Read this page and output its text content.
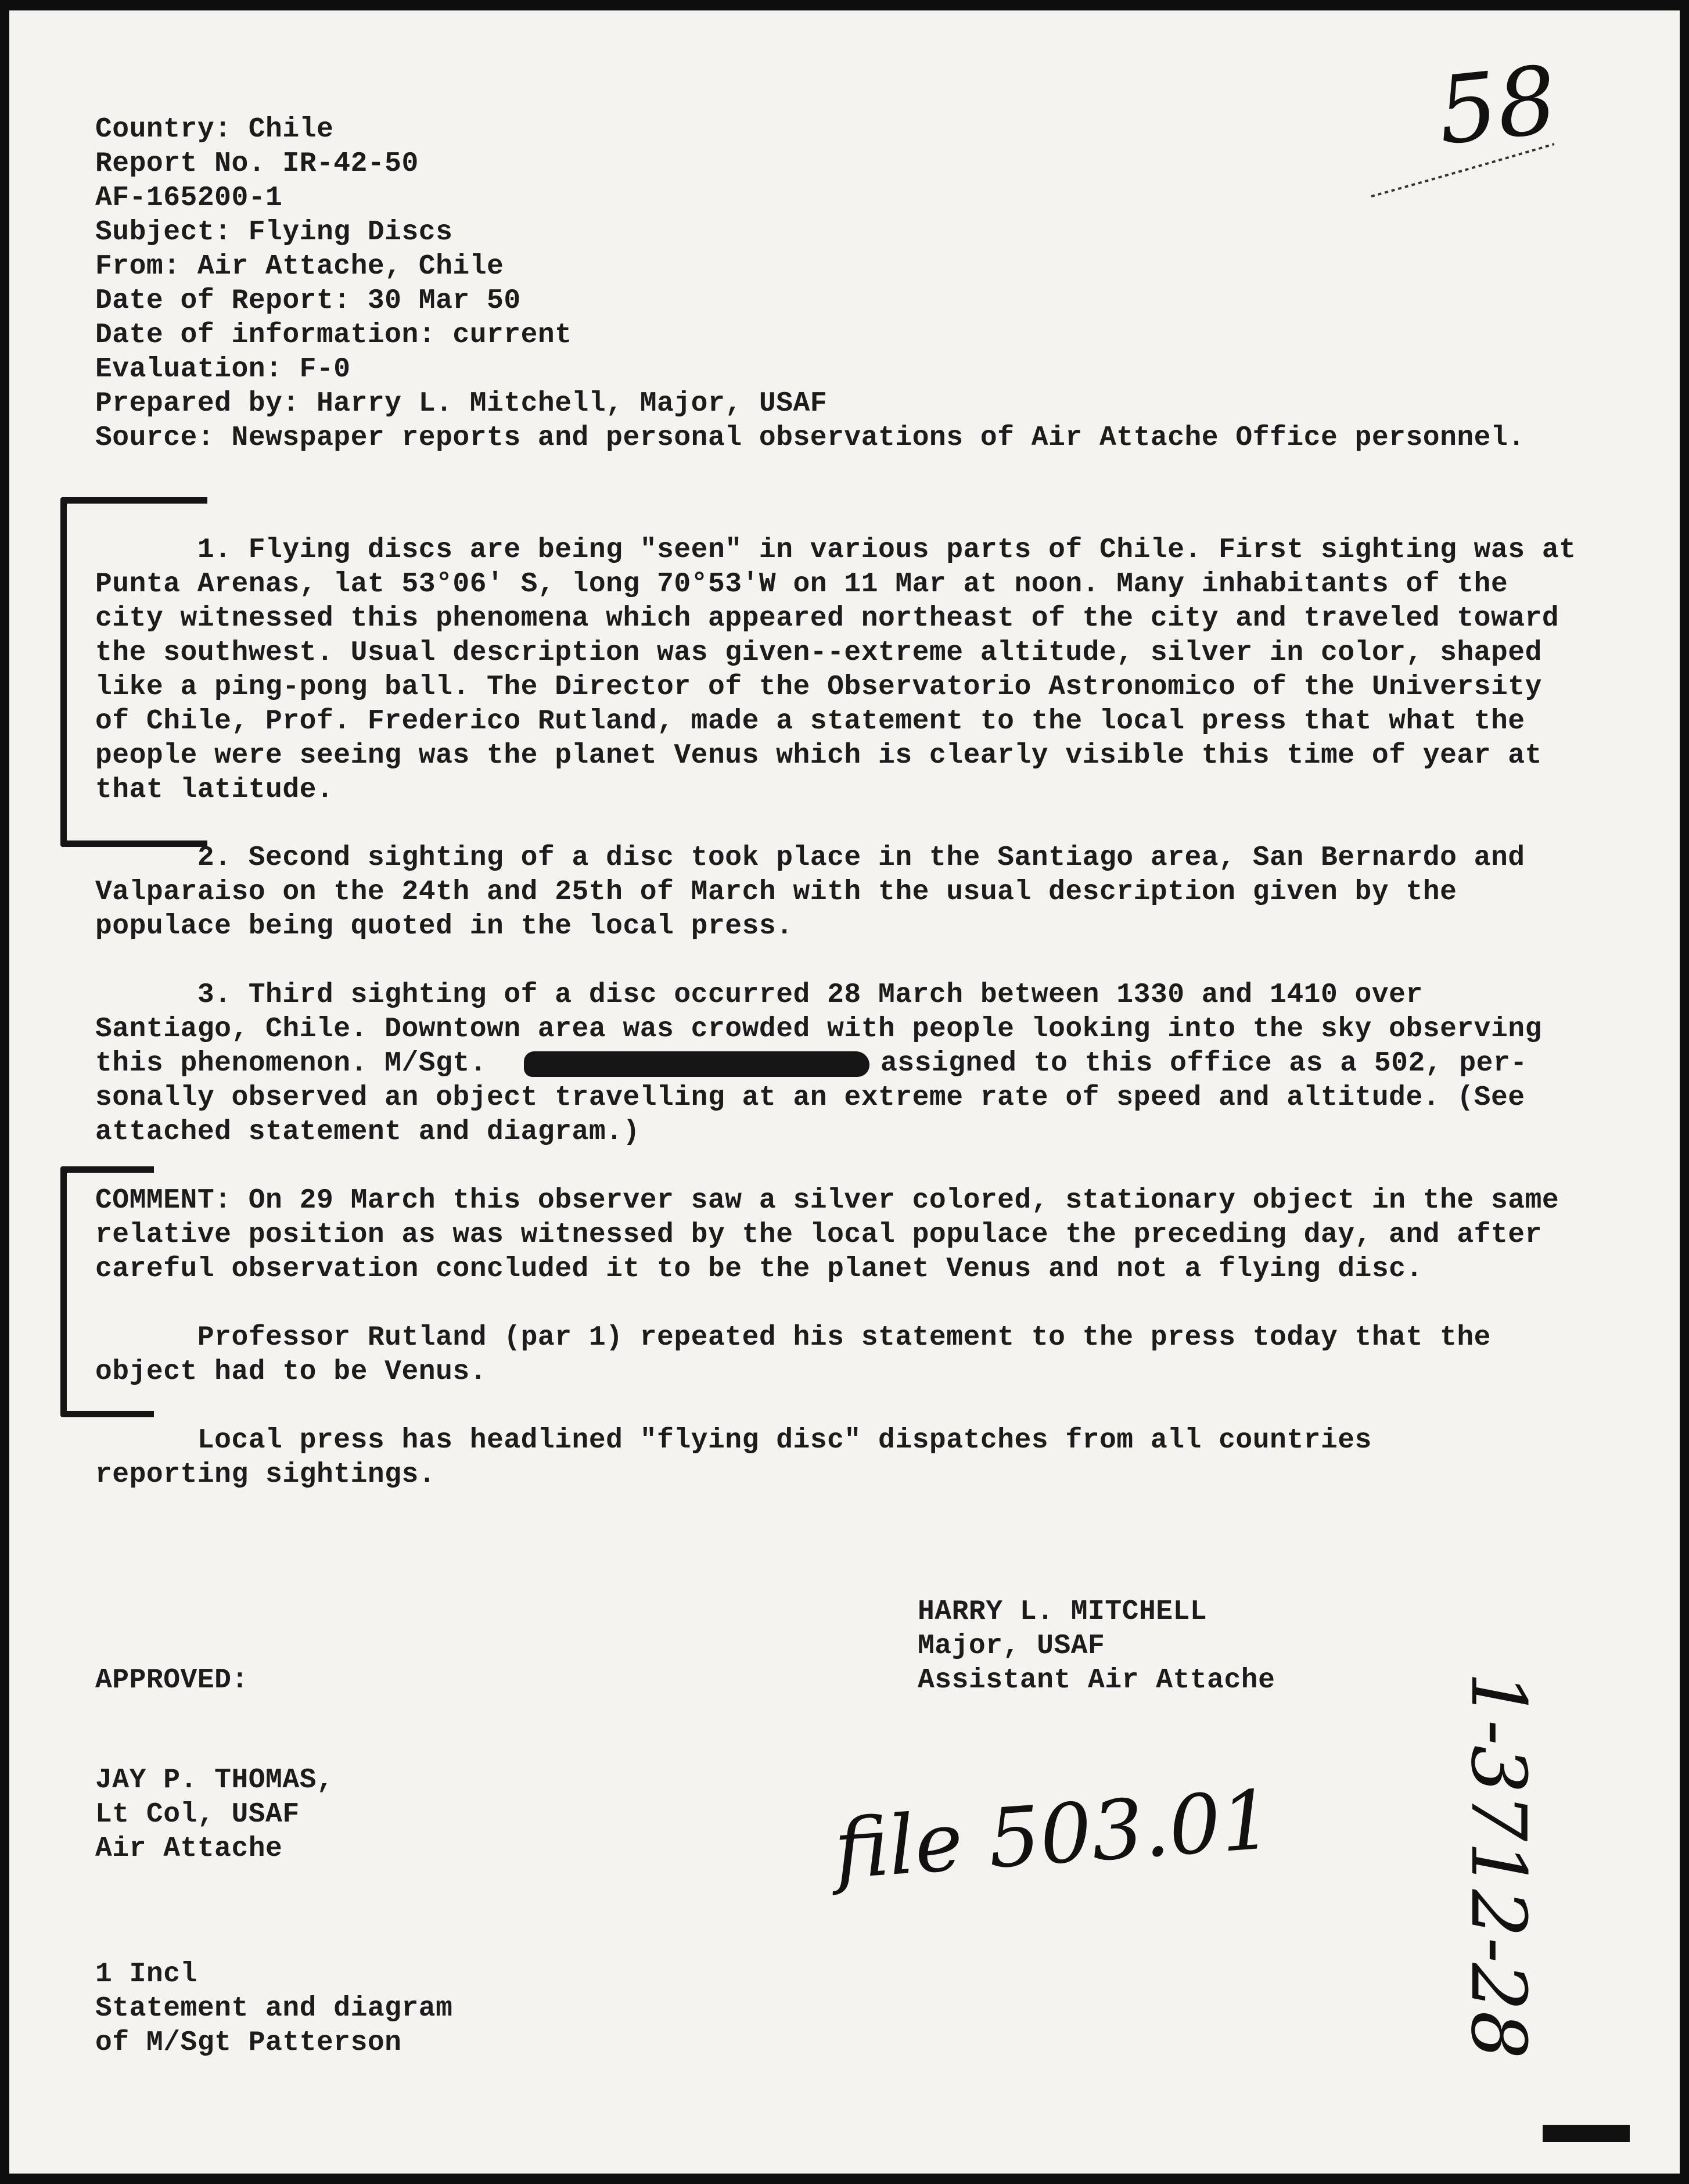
58
Country: Chile
Report No. IR-42-50
AF-165200-1
Subject: Flying Discs
From: Air Attache, Chile
Date of Report: 30 Mar 50
Date of information: current
Evaluation: F-0
Prepared by: Harry L. Mitchell, Major, USAF
Source: Newspaper reports and personal observations of Air Attache Office personnel.
1. Flying discs are being "seen" in various parts of Chile. First sighting was at
Punta Arenas, lat 53°06' S, long 70°53'W on 11 Mar at noon. Many inhabitants of the
city witnessed this phenomena which appeared northeast of the city and traveled toward
the southwest. Usual description was given--extreme altitude, silver in color, shaped
like a ping-pong ball. The Director of the Observatorio Astronomico of the University
of Chile, Prof. Frederico Rutland, made a statement to the local press that what the
people were seeing was the planet Venus which is clearly visible this time of year at
that latitude.
2. Second sighting of a disc took place in the Santiago area, San Bernardo and
Valparaiso on the 24th and 25th of March with the usual description given by the
populace being quoted in the local press.
3. Third sighting of a disc occurred 28 March between 1330 and 1410 over
Santiago, Chile. Downtown area was crowded with people looking into the sky observing
this phenomenon. M/Sgt.	assigned to this office as a 502, per-
sonally observed an object travelling at an extreme rate of speed and altitude. (See
attached statement and diagram.)
COMMENT: On 29 March this observer saw a silver colored, stationary object in the same
relative position as was witnessed by the local populace the preceding day, and after
careful observation concluded it to be the planet Venus and not a flying disc.
Professor Rutland (par 1) repeated his statement to the press today that the
object had to be Venus.
Local press has headlined "flying disc" dispatches from all countries
reporting sightings.
HARRY L. MITCHELL
Major, USAF
Assistant Air Attache
APPROVED:
JAY P. THOMAS,
Lt Col, USAF
Air Attache	file 503.01 1-3712-28
1 Incl
Statement and diagram
of M/Sgt Patterson
